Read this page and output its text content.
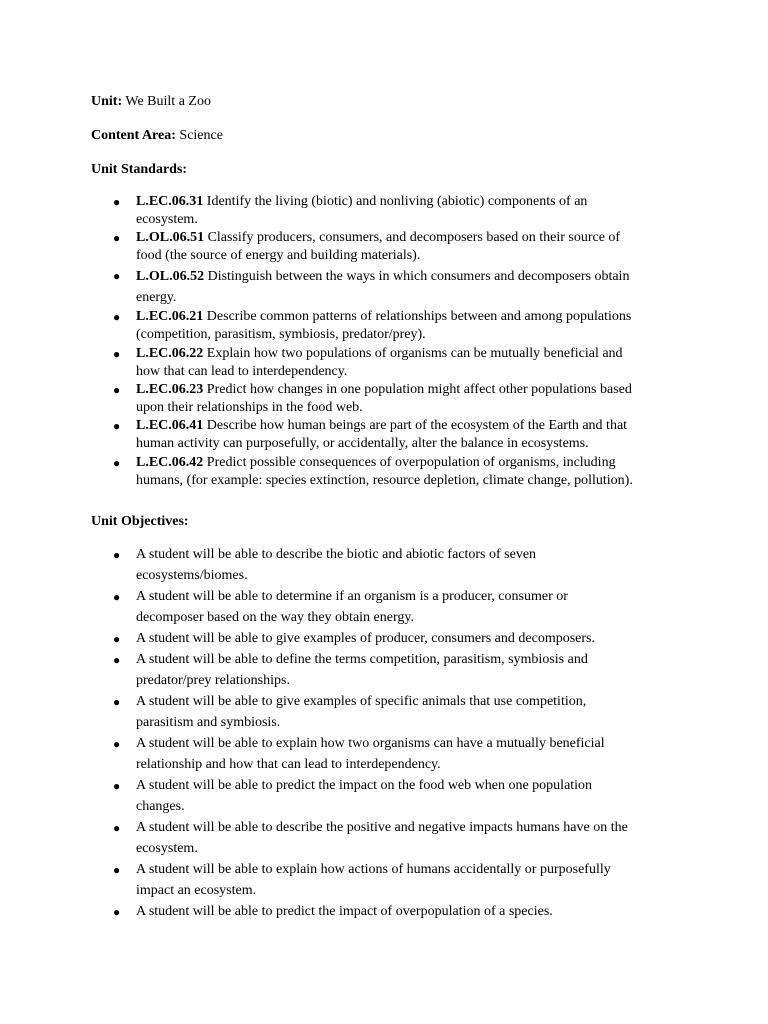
Unit: We Built a Zoo
Content Area: Science
Unit Standards:
● L.EC.06.31 Identify the living (biotic) and nonliving (abiotic) components of an
ecosystem.
● L.OL.06.51 Classify producers, consumers, and decomposers based on their source of
food (the source of energy and building materials).
● L.OL.06.52 Distinguish between the ways in which consumers and decomposers obtain
energy.
● L.EC.06.21 Describe common patterns of relationships between and among populations
(competition, parasitism, symbiosis, predator/prey).
● L.EC.06.22 Explain how two populations of organisms can be mutually beneficial and
how that can lead to interdependency.
● L.EC.06.23 Predict how changes in one population might affect other populations based
upon their relationships in the food web.
● L.EC.06.41 Describe how human beings are part of the ecosystem of the Earth and that
human activity can purposefully, or accidentally, alter the balance in ecosystems.
● L.EC.06.42 Predict possible consequences of overpopulation of organisms, including
humans, (for example: species extinction, resource depletion, climate change, pollution).
Unit Objectives:
● A student will be able to describe the biotic and abiotic factors of seven
ecosystems/biomes.
● A student will be able to determine if an organism is a producer, consumer or
decomposer based on the way they obtain energy.
● A student will be able to give examples of producer, consumers and decomposers.
● A student will be able to define the terms competition, parasitism, symbiosis and
predator/prey relationships.
● A student will be able to give examples of specific animals that use competition,
parasitism and symbiosis.
● A student will be able to explain how two organisms can have a mutually beneficial
relationship and how that can lead to interdependency.
● A student will be able to predict the impact on the food web when one population
changes.
● A student will be able to describe the positive and negative impacts humans have on the
ecosystem.
● A student will be able to explain how actions of humans accidentally or purposefully
impact an ecosystem.
● A student will be able to predict the impact of overpopulation of a species.
